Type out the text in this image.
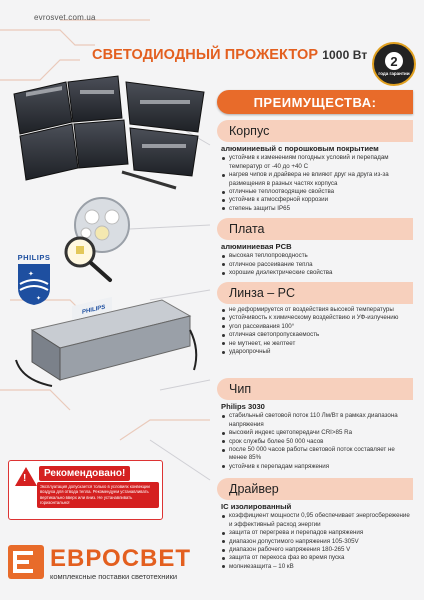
evrosvet.com.ua
СВЕТОДИОДНЫЙ ПРОЖЕКТОР 1000 Вт	2
года гарантии
PHILIPS
✦
✦
PHILIPS
ПРЕИМУЩЕСТВА:
Корпус
алюминиевый с порошковым покрытием
устойчив к изменениям погодных условий и перепадам температур от -40 до +40 С
нагрев чипов и драйвера не влияют друг на друга из-за размещения в разных частях корпуса
отличные теплоотводящие свойства
устойчив к атмосферной коррозии
степень защиты IP65
Плата
алюминиевая PCB
высокая теплопроводность
отличное рассеивание тепла
хорошие диэлектрические свойства
Линза – PC
не деформируется от воздействия высокой температуры
устойчивость к химическому воздействию и УФ-излучению
угол рассеивания 100°
отличная светопропускаемость
не мутнеет, не желтеет
ударопрочный
Чип
Philips 3030
стабильный световой поток 110 Лм/Вт в рамках диапазона напряжения
высокий индекс цветопередачи CRI>85 Ra
срок службы более 50 000 часов
после 50 000 часов работы световой поток составляет не менее 85%
устойчив к перепадам напряжения
Драйвер
IC изолированный
коэффициент мощности 0,95 обеспечивает энергосбережение и эффективный расход энергии
защита от перегрева и перепадов напряжения
диапазон допустимого напряжения 105-305V
диапазон рабочего напряжения 180-265 V
защита от перекоса фаз во время пуска
молниезащита – 10 кВ
!	Рекомендовано!
Эксплуатация допускается только в условиях конвекции воздуха для отвода тепла. Рекомендуем устанавливать вертикально вверх или вниз. Не устанавливать горизонтально!
ЕВРОСВЕТ
комплексные поставки светотехники
